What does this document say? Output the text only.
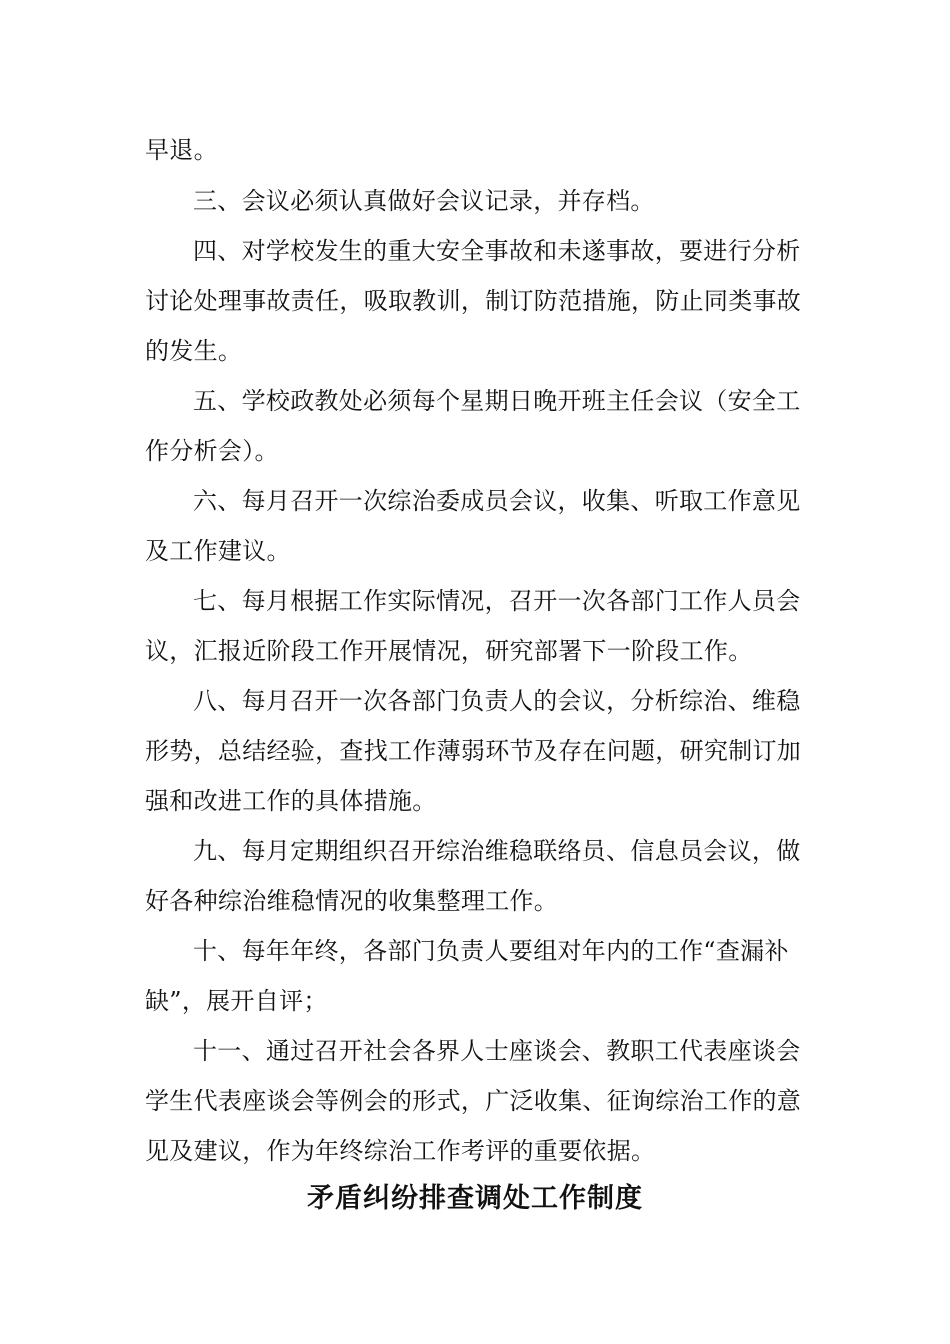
早退。
三、会议必须认真做好会议记录，并存档。
四、对学校发生的重大安全事故和未遂事故，要进行分析
讨论处理事故责任，吸取教训，制订防范措施，防止同类事故
的发生。
五、学校政教处必须每个星期日晚开班主任会议（安全工
作分析会）。
六、每月召开一次综治委成员会议，收集、听取工作意见
及工作建议。
七、每月根据工作实际情况，召开一次各部门工作人员会
议，汇报近阶段工作开展情况，研究部署下一阶段工作。
八、每月召开一次各部门负责人的会议，分析综治、维稳
形势，总结经验，查找工作薄弱环节及存在问题，研究制订加
强和改进工作的具体措施。
九、每月定期组织召开综治维稳联络员、信息员会议，做
好各种综治维稳情况的收集整理工作。
十、每年年终，各部门负责人要组对年内的工作“查漏补
缺”，展开自评；
十一、通过召开社会各界人士座谈会、教职工代表座谈会
学生代表座谈会等例会的形式，广泛收集、征询综治工作的意
见及建议，作为年终综治工作考评的重要依据。
矛盾纠纷排查调处工作制度
